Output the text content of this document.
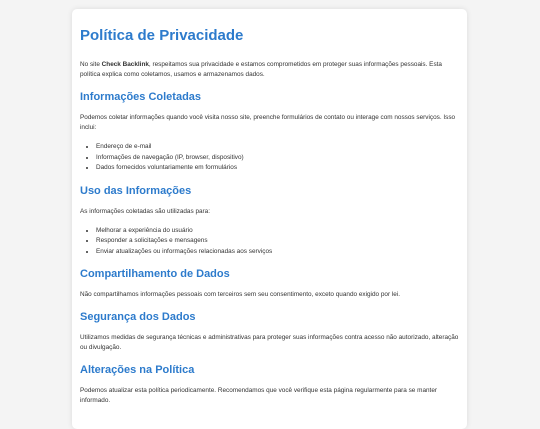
Política de Privacidade

No site Check Backlink, respeitamos sua privacidade e estamos comprometidos em proteger suas informações pessoais. Esta política explica como coletamos, usamos e armazenamos dados.

Informações Coletadas

Podemos coletar informações quando você visita nosso site, preenche formulários de contato ou interage com nossos serviços. Isso inclui:

• Endereço de e-mail
• Informações de navegação (IP, browser, dispositivo)
• Dados fornecidos voluntariamente em formulários
Uso das Informações

As informações coletadas são utilizadas para:

• Melhorar a experiência do usuário
• Responder a solicitações e mensagens
• Enviar atualizações ou informações relacionadas aos serviços
Compartilhamento de Dados

Não compartilhamos informações pessoais com terceiros sem seu consentimento, exceto quando exigido por lei.

Segurança dos Dados

Utilizamos medidas de segurança técnicas e administrativas para proteger suas informações contra acesso não autorizado, alteração ou divulgação.

Alterações na Política

Podemos atualizar esta política periodicamente. Recomendamos que você verifique esta página regularmente para se manter informado.
